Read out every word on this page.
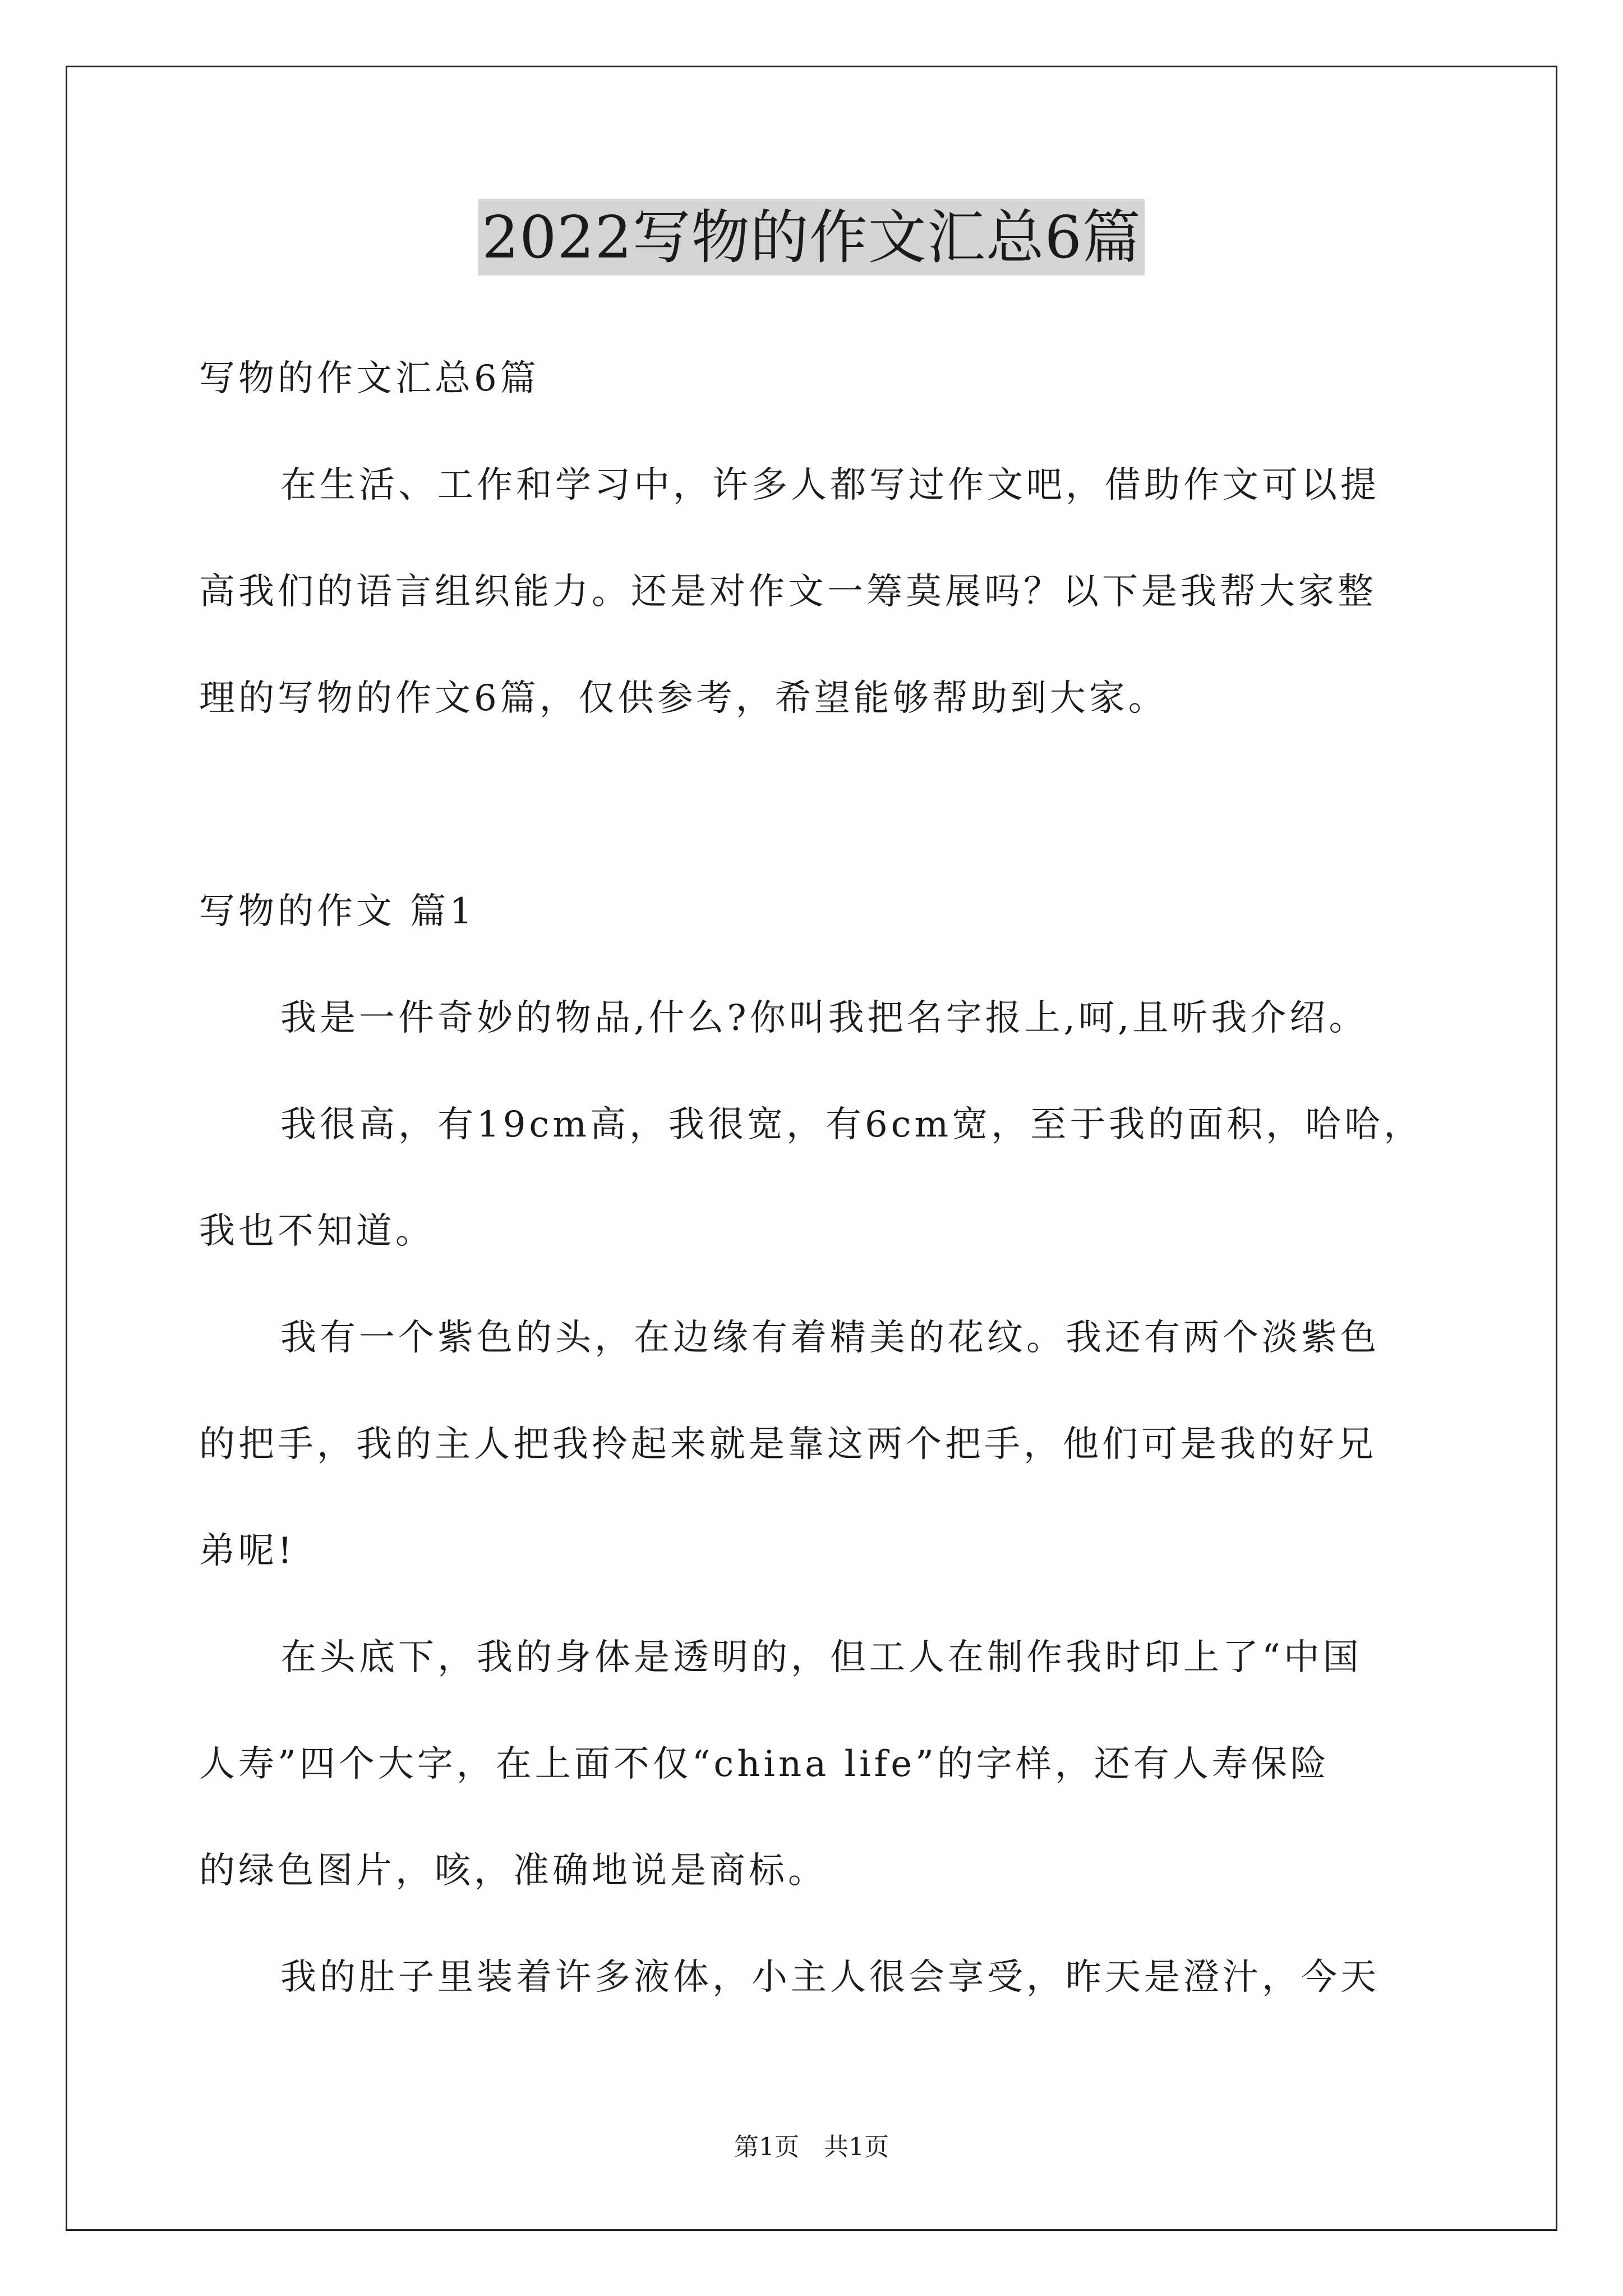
2022写物的作文汇总6篇
写物的作文汇总6篇
在生活、工作和学习中，许多人都写过作文吧，借助作文可以提
高我们的语言组织能力。还是对作文一筹莫展吗？以下是我帮大家整
理的写物的作文6篇，仅供参考，希望能够帮助到大家。
写物的作文 篇1
我是一件奇妙的物品,什么?你叫我把名字报上,呵,且听我介绍。
我很高，有19cm高，我很宽，有6cm宽，至于我的面积，哈哈，
我也不知道。
我有一个紫色的头，在边缘有着精美的花纹。我还有两个淡紫色
的把手，我的主人把我拎起来就是靠这两个把手，他们可是我的好兄
弟呢!
在头底下，我的身体是透明的，但工人在制作我时印上了“中国
人寿”四个大字，在上面不仅“china life”的字样，还有人寿保险
的绿色图片，咳，准确地说是商标。
我的肚子里装着许多液体，小主人很会享受，昨天是澄汁，今天
第1页　共1页
